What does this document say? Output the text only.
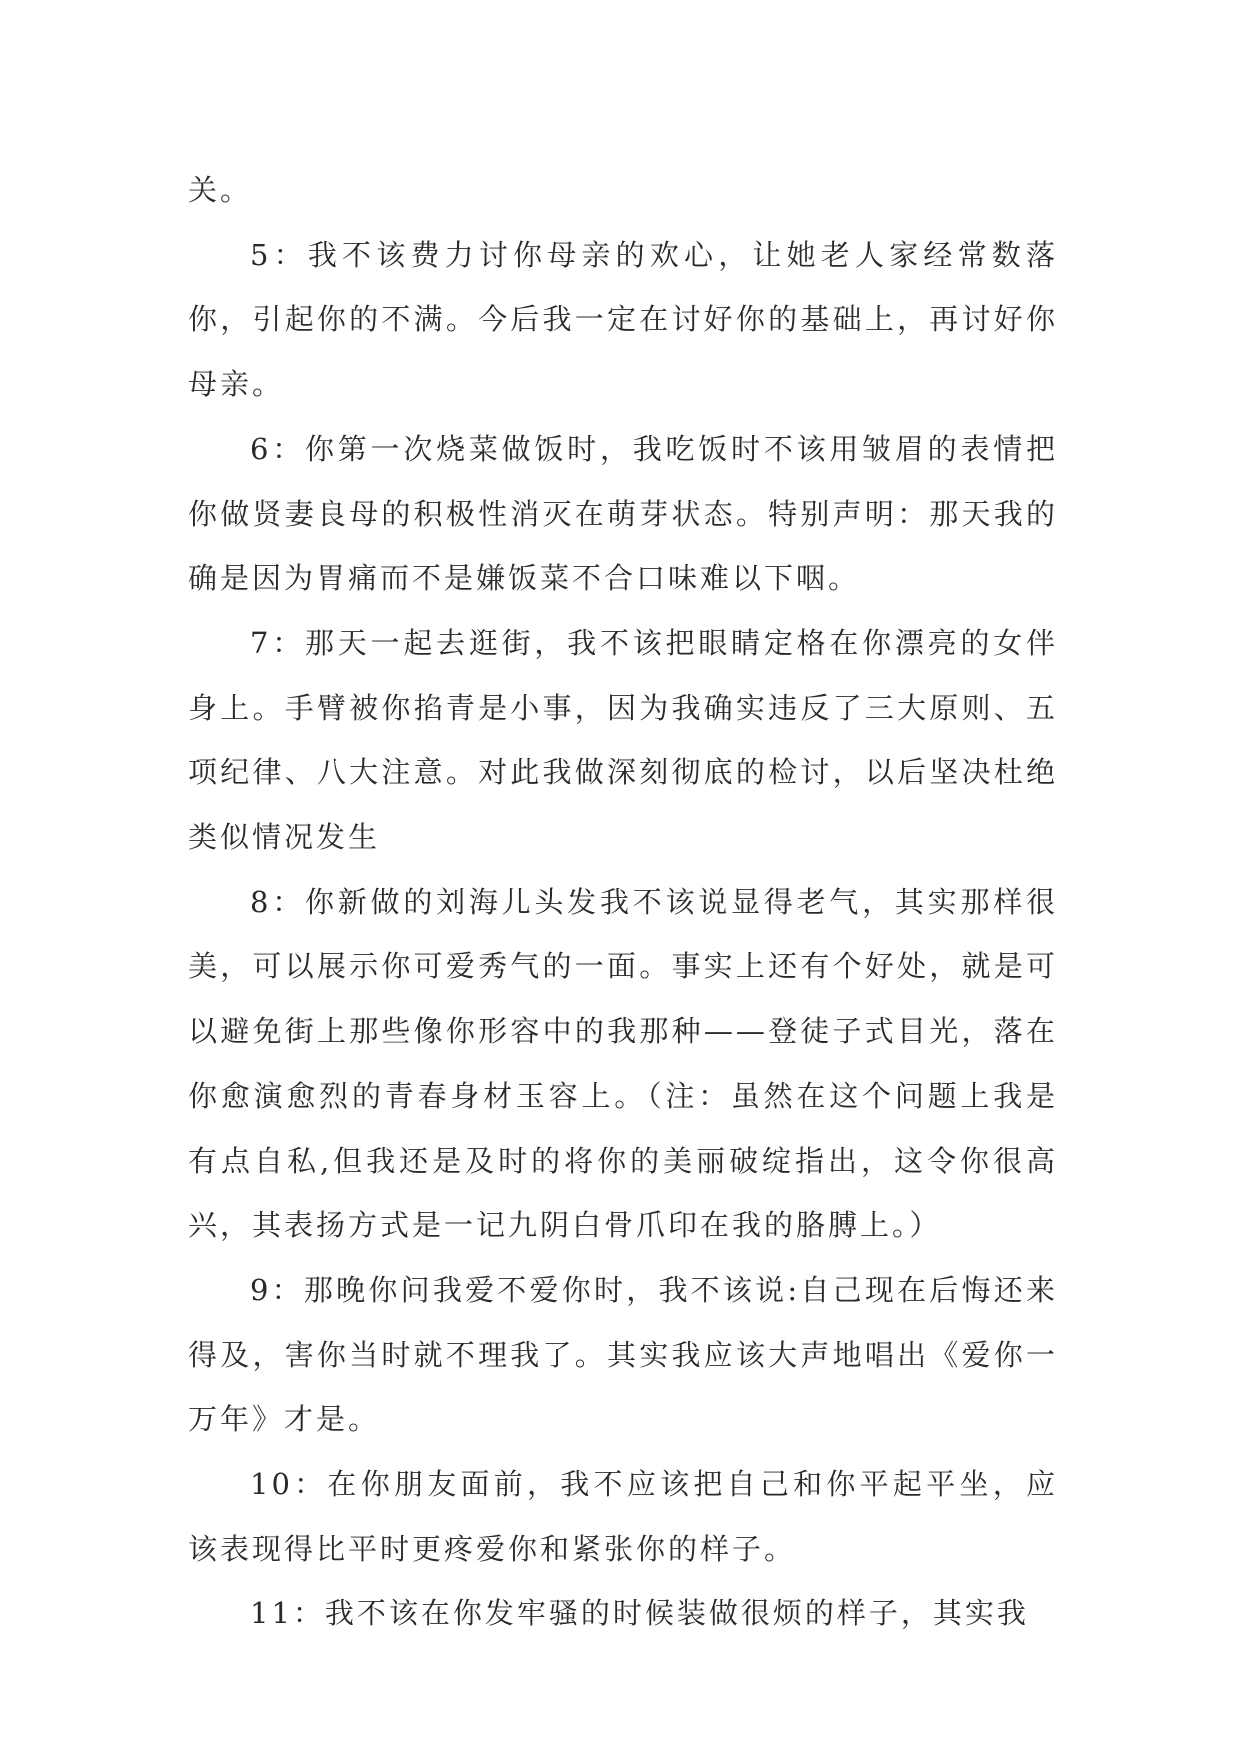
关。

5：我不该费力讨你母亲的欢心，让她老人家经常数落你，引起你的不满。今后我一定在讨好你的基础上，再讨好你母亲。

6：你第一次烧菜做饭时，我吃饭时不该用皱眉的表情把你做贤妻良母的积极性消灭在萌芽状态。特别声明：那天我的确是因为胃痛而不是嫌饭菜不合口味难以下咽。

7：那天一起去逛街，我不该把眼睛定格在你漂亮的女伴身上。手臂被你掐青是小事，因为我确实违反了三大原则、五项纪律、八大注意。对此我做深刻彻底的检讨，以后坚决杜绝类似情况发生

8：你新做的刘海儿头发我不该说显得老气，其实那样很美，可以展示你可爱秀气的一面。事实上还有个好处，就是可以避免街上那些像你形容中的我那种——登徒子式目光，落在你愈演愈烈的青春身材玉容上。（注：虽然在这个问题上我是有点自私,但我还是及时的将你的美丽破绽指出，这令你很高兴，其表扬方式是一记九阴白骨爪印在我的胳膊上。）

9：那晚你问我爱不爱你时，我不该说:自己现在后悔还来得及，害你当时就不理我了。其实我应该大声地唱出《爱你一万年》才是。

10：在你朋友面前，我不应该把自己和你平起平坐，应该表现得比平时更疼爱你和紧张你的样子。

11：我不该在你发牢骚的时候装做很烦的样子，其实我
